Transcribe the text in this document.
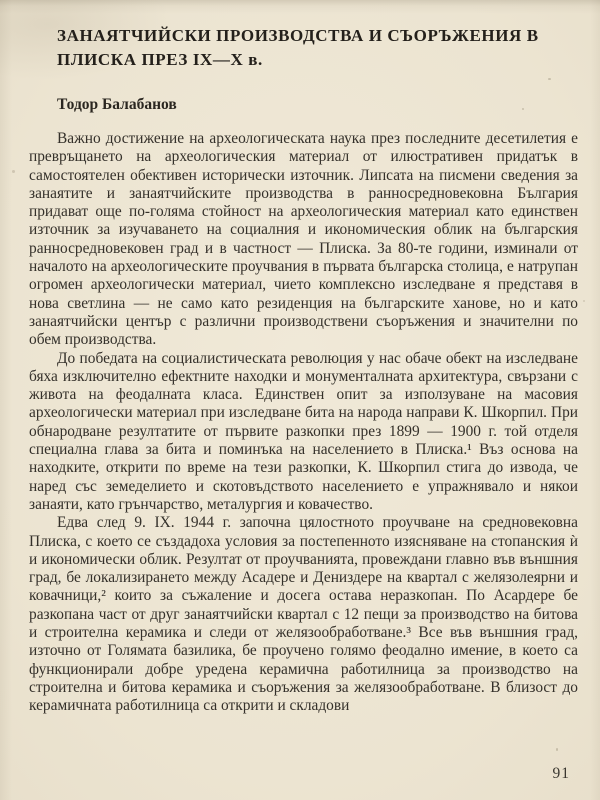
ЗАНАЯТЧИЙСКИ ПРОИЗВОДСТВА И СЪОРЪЖЕНИЯ В ПЛИСКА ПРЕЗ IX—X в.
Тодор Балабанов

Важно достижение на археологическата наука през последните десетилетия е превръщането на археологическия материал от илюстративен придатък в самостоятелен обективен исторически източник. Липсата на писмени сведения за занаятите и занаятчийските производства в ранносредновековна България придават още по-голяма стойност на археологическия материал като единствен източник за изучаването на социалния и икономическия облик на българския ранносредновековен град и в частност — Плиска. За 80-те години, изминали от началото на археологическите проучвания в първата българска столица, е натрупан огромен археологически материал, чието комплексно изследване я представя в нова светлина — не само като резиденция на българските ханове, но и като занаятчийски център с различни производствени съоръжения и значителни по обем производства.

До победата на социалистическата революция у нас обаче обект на изследване бяха изключително ефектните находки и монументалната архитектура, свързани с живота на феодалната класа. Единствен опит за използуване на масовия археологически материал при изследване бита на народа направи К. Шкорпил. При обнародване резултатите от първите разкопки през 1899 — 1900 г. той отделя специална глава за бита и поминъка на населението в Плиска.¹ Въз основа на находките, открити по време на тези разкопки, К. Шкорпил стига до извода, че наред със земеделието и скотовъдството населението е упражнявало и някои занаяти, като грънчарство, металургия и ковачество.

Едва след 9. IX. 1944 г. започна цялостното проучване на средновековна Плиска, с което се създадоха условия за постепенното изясняване на стопанския ѝ и икономически облик. Резултат от проучванията, провеждани главно във външния град, бе локализирането между Асадере и Дениздере на квартал с желязолеярни и ковачници,² които за съжаление и досега остава неразкопан. По Асардере бе разкопана част от друг занаятчийски квартал с 12 пещи за производство на битова и строителна керамика и следи от желязообработване.³ Все във външния град, източно от Голямата базилика, бе проучено голямо феодално имение, в което са функционирали добре уредена керамична работилница за производство на строителна и битова керамика и съоръжения за желязообработване. В близост до керамичната работилница са открити и складови

91
